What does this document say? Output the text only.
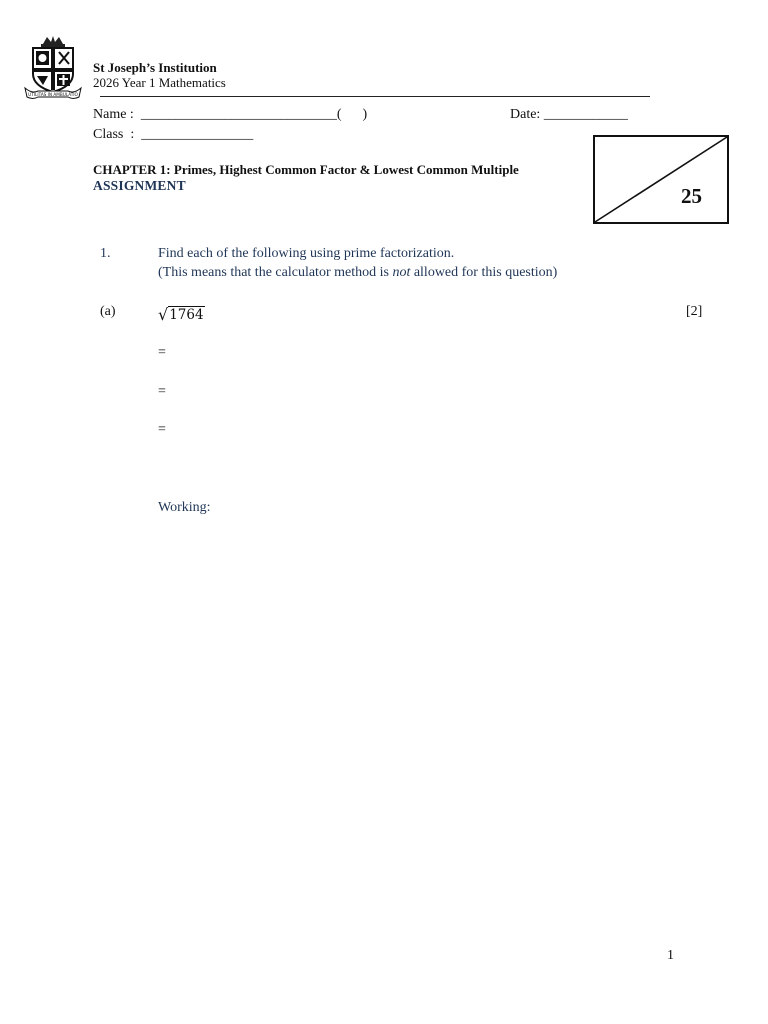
UTILITAS IN AMBULATIO
St Joseph’s Institution
2026 Year 1 Mathematics
Name :  ____________________________(      )	Date: ____________
Class  :  ________________
CHAPTER 1: Primes, Highest Common Factor & Lowest Common Multiple
ASSIGNMENT	25
1.	Find each of the following using prime factorization.
(This means that the calculator method is not allowed for this question)
(a)	√1764	[2]
=
=
=
Working:
1
